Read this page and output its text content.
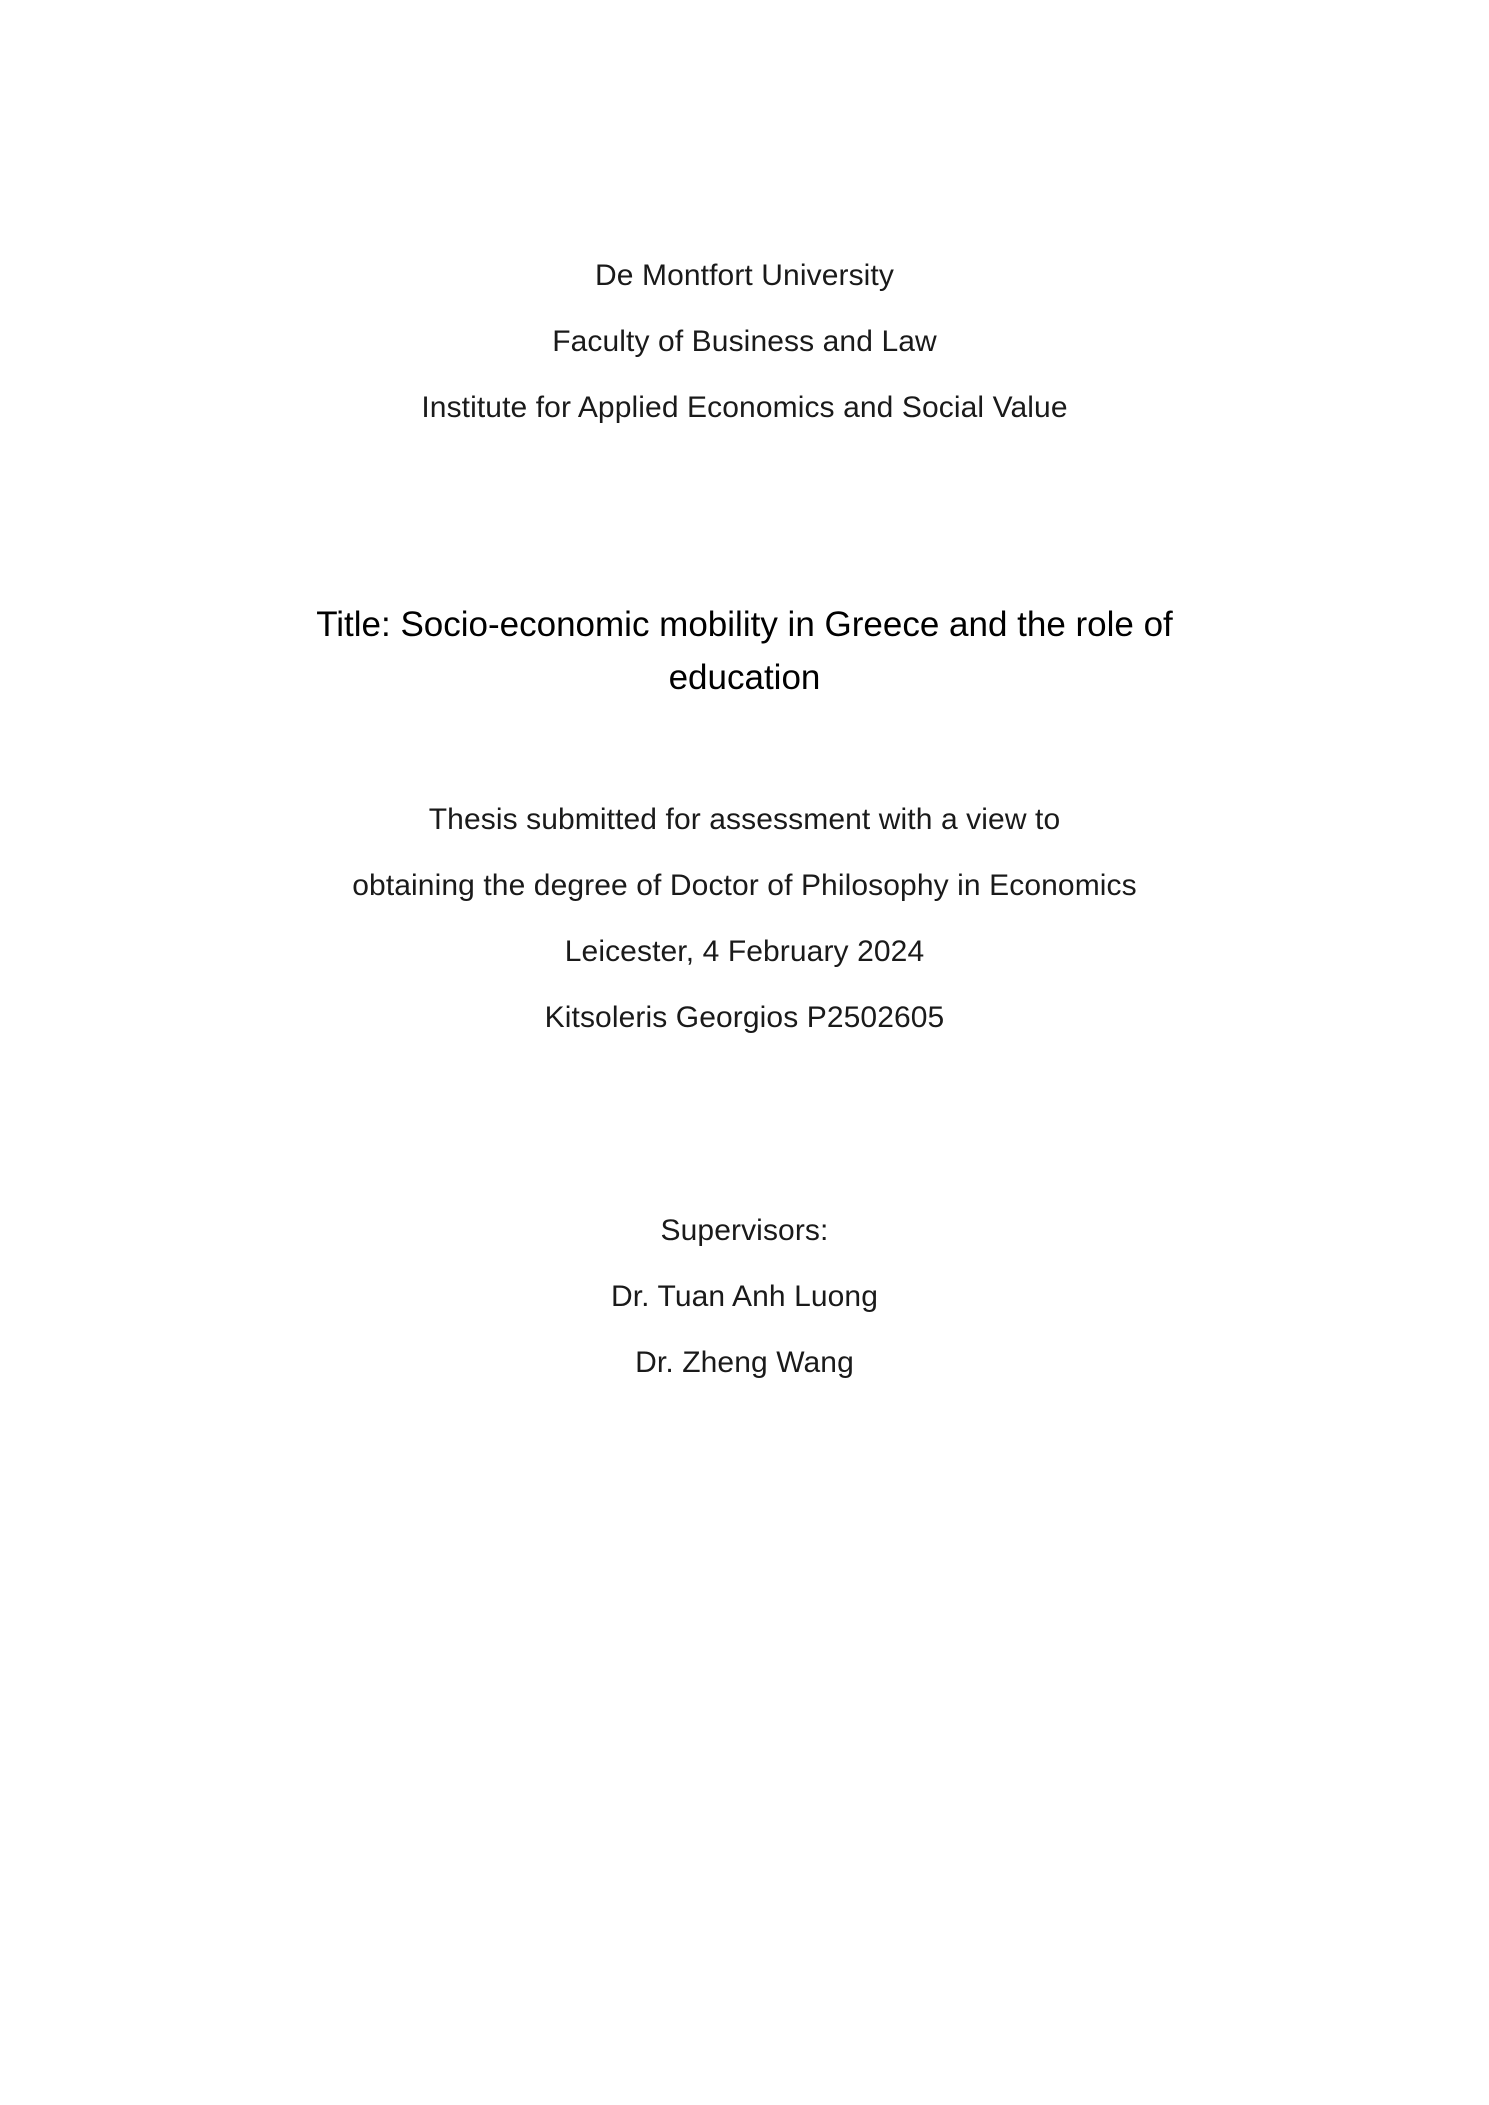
De Montfort University
Faculty of Business and Law
Institute for Applied Economics and Social Value
Title: Socio-economic mobility in Greece and the role of education
Thesis submitted for assessment with a view to
obtaining the degree of Doctor of Philosophy in Economics
Leicester, 4 February 2024
Kitsoleris Georgios P2502605
Supervisors:
Dr. Tuan Anh Luong
Dr. Zheng Wang
